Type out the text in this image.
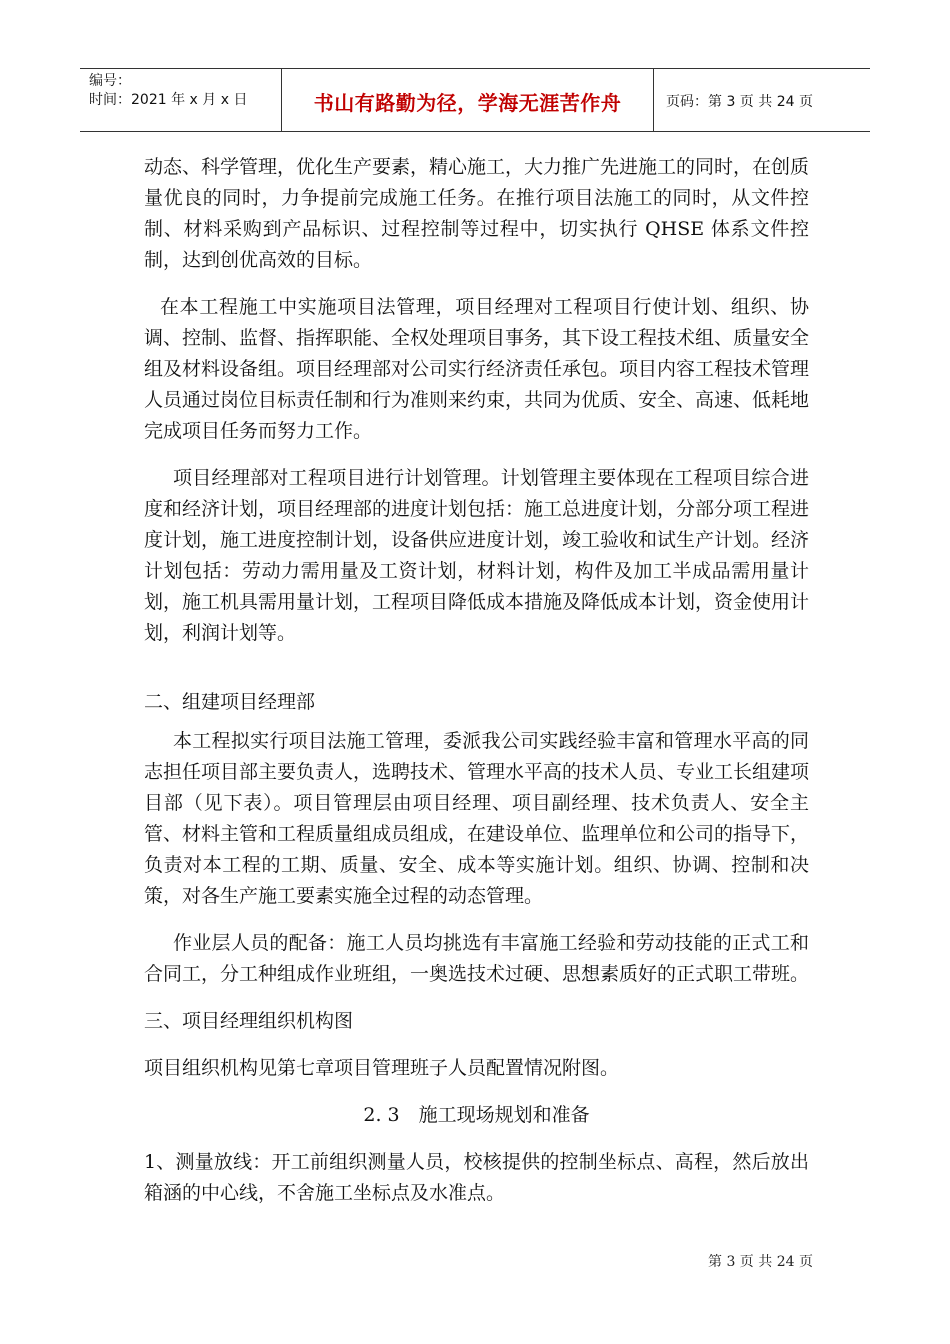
编号：
时间：2021 年 x 月 x 日	书山有路勤为径，学海无涯苦作舟	页码：第 3 页 共 24 页

动态、科学管理，优化生产要素，精心施工，大力推广先进施工的同时，在创质量优良的同时，力争提前完成施工任务。在推行项目法施工的同时，从文件控制、材料采购到产品标识、过程控制等过程中，切实执行 QHSE 体系文件控制，达到创优高效的目标。

在本工程施工中实施项目法管理，项目经理对工程项目行使计划、组织、协调、控制、监督、指挥职能、全权处理项目事务，其下设工程技术组、质量安全组及材料设备组。项目经理部对公司实行经济责任承包。项目内容工程技术管理人员通过岗位目标责任制和行为准则来约束，共同为优质、安全、高速、低耗地完成项目任务而努力工作。

项目经理部对工程项目进行计划管理。计划管理主要体现在工程项目综合进度和经济计划，项目经理部的进度计划包括：施工总进度计划，分部分项工程进度计划，施工进度控制计划，设备供应进度计划，竣工验收和试生产计划。经济计划包括：劳动力需用量及工资计划，材料计划，构件及加工半成品需用量计划，施工机具需用量计划，工程项目降低成本措施及降低成本计划，资金使用计划，利润计划等。

二、组建项目经理部

本工程拟实行项目法施工管理，委派我公司实践经验丰富和管理水平高的同志担任项目部主要负责人，选聘技术、管理水平高的技术人员、专业工长组建项目部（见下表）。项目管理层由项目经理、项目副经理、技术负责人、安全主管、材料主管和工程质量组成员组成，在建设单位、监理单位和公司的指导下，负责对本工程的工期、质量、安全、成本等实施计划。组织、协调、控制和决策，对各生产施工要素实施全过程的动态管理。

作业层人员的配备：施工人员均挑选有丰富施工经验和劳动技能的正式工和合同工，分工种组成作业班组，一奥选技术过硬、思想素质好的正式职工带班。

三、项目经理组织机构图

项目组织机构见第七章项目管理班子人员配置情况附图。

2. 3　施工现场规划和准备

1、测量放线：开工前组织测量人员，校核提供的控制坐标点、高程，然后放出箱涵的中心线，不舍施工坐标点及水准点。

第 3 页 共 24 页
